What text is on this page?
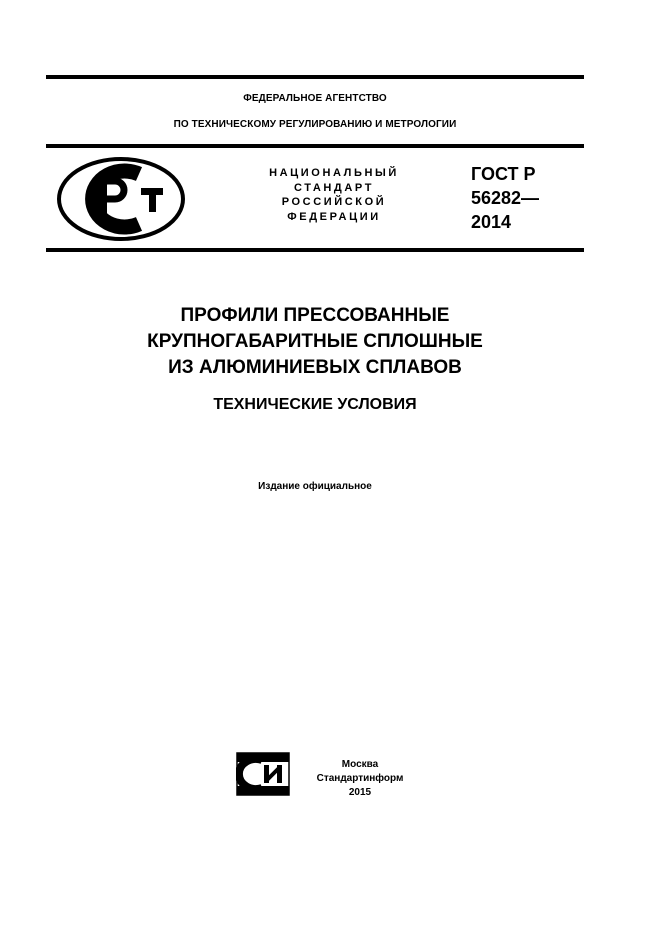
ФЕДЕРАЛЬНОЕ АГЕНТСТВО
ПО ТЕХНИЧЕСКОМУ РЕГУЛИРОВАНИЮ И МЕТРОЛОГИИ
НАЦИОНАЛЬНЫЙ
СТАНДАРТ
РОССИЙСКОЙ
ФЕДЕРАЦИИ
ГОСТ Р
56282—
2014
ПРОФИЛИ ПРЕССОВАННЫЕ
КРУПНОГАБАРИТНЫЕ СПЛОШНЫЕ
ИЗ АЛЮМИНИЕВЫХ СПЛАВОВ
ТЕХНИЧЕСКИЕ УСЛОВИЯ
Издание официальное
Москва
Стандартинформ
2015
